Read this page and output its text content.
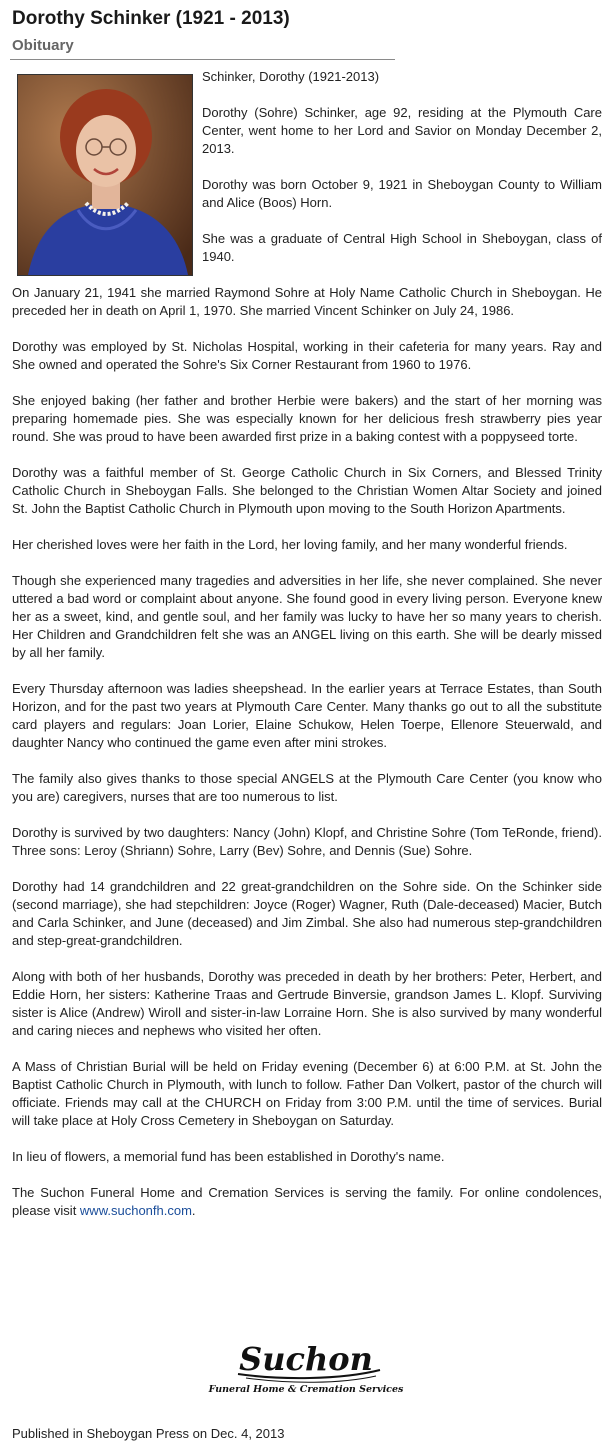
Dorothy Schinker (1921 - 2013)
Obituary

Schinker, Dorothy (1921-2013)

Dorothy (Sohre) Schinker, age 92, residing at the Plymouth Care Center, went home to her Lord and Savior on Monday December 2, 2013.

Dorothy was born October 9, 1921 in Sheboygan County to William and Alice (Boos) Horn.

She was a graduate of Central High School in Sheboygan, class of 1940.

On January 21, 1941 she married Raymond Sohre at Holy Name Catholic Church in Sheboygan. He preceded her in death on April 1, 1970. She married Vincent Schinker on July 24, 1986.

Dorothy was employed by St. Nicholas Hospital, working in their cafeteria for many years. Ray and She owned and operated the Sohre's Six Corner Restaurant from 1960 to 1976.

She enjoyed baking (her father and brother Herbie were bakers) and the start of her morning was preparing homemade pies. She was especially known for her delicious fresh strawberry pies year round. She was proud to have been awarded first prize in a baking contest with a poppyseed torte.

Dorothy was a faithful member of St. George Catholic Church in Six Corners, and Blessed Trinity Catholic Church in Sheboygan Falls. She belonged to the Christian Women Altar Society and joined St. John the Baptist Catholic Church in Plymouth upon moving to the South Horizon Apartments.

Her cherished loves were her faith in the Lord, her loving family, and her many wonderful friends.

Though she experienced many tragedies and adversities in her life, she never complained. She never uttered a bad word or complaint about anyone. She found good in every living person. Everyone knew her as a sweet, kind, and gentle soul, and her family was lucky to have her so many years to cherish. Her Children and Grandchildren felt she was an ANGEL living on this earth. She will be dearly missed by all her family.

Every Thursday afternoon was ladies sheepshead. In the earlier years at Terrace Estates, than South Horizon, and for the past two years at Plymouth Care Center. Many thanks go out to all the substitute card players and regulars: Joan Lorier, Elaine Schukow, Helen Toerpe, Ellenore Steuerwald, and daughter Nancy who continued the game even after mini strokes.

The family also gives thanks to those special ANGELS at the Plymouth Care Center (you know who you are) caregivers, nurses that are too numerous to list.

Dorothy is survived by two daughters: Nancy (John) Klopf, and Christine Sohre (Tom TeRonde, friend). Three sons: Leroy (Shriann) Sohre, Larry (Bev) Sohre, and Dennis (Sue) Sohre.

Dorothy had 14 grandchildren and 22 great-grandchildren on the Sohre side. On the Schinker side (second marriage), she had stepchildren: Joyce (Roger) Wagner, Ruth (Dale-deceased) Macier, Butch and Carla Schinker, and June (deceased) and Jim Zimbal. She also had numerous step-grandchildren and step-great-grandchildren.

Along with both of her husbands, Dorothy was preceded in death by her brothers: Peter, Herbert, and Eddie Horn, her sisters: Katherine Traas and Gertrude Binversie, grandson James L. Klopf. Surviving sister is Alice (Andrew) Wiroll and sister-in-law Lorraine Horn. She is also survived by many wonderful and caring nieces and nephews who visited her often.

A Mass of Christian Burial will be held on Friday evening (December 6) at 6:00 P.M. at St. John the Baptist Catholic Church in Plymouth, with lunch to follow. Father Dan Volkert, pastor of the church will officiate. Friends may call at the CHURCH on Friday from 3:00 P.M. until the time of services. Burial will take place at Holy Cross Cemetery in Sheboygan on Saturday.

In lieu of flowers, a memorial fund has been established in Dorothy's name.

The Suchon Funeral Home and Cremation Services is serving the family. For online condolences, please visit www.suchonfh.com.

Suchon
Funeral Home & Cremation Services
Published in Sheboygan Press on Dec. 4, 2013
